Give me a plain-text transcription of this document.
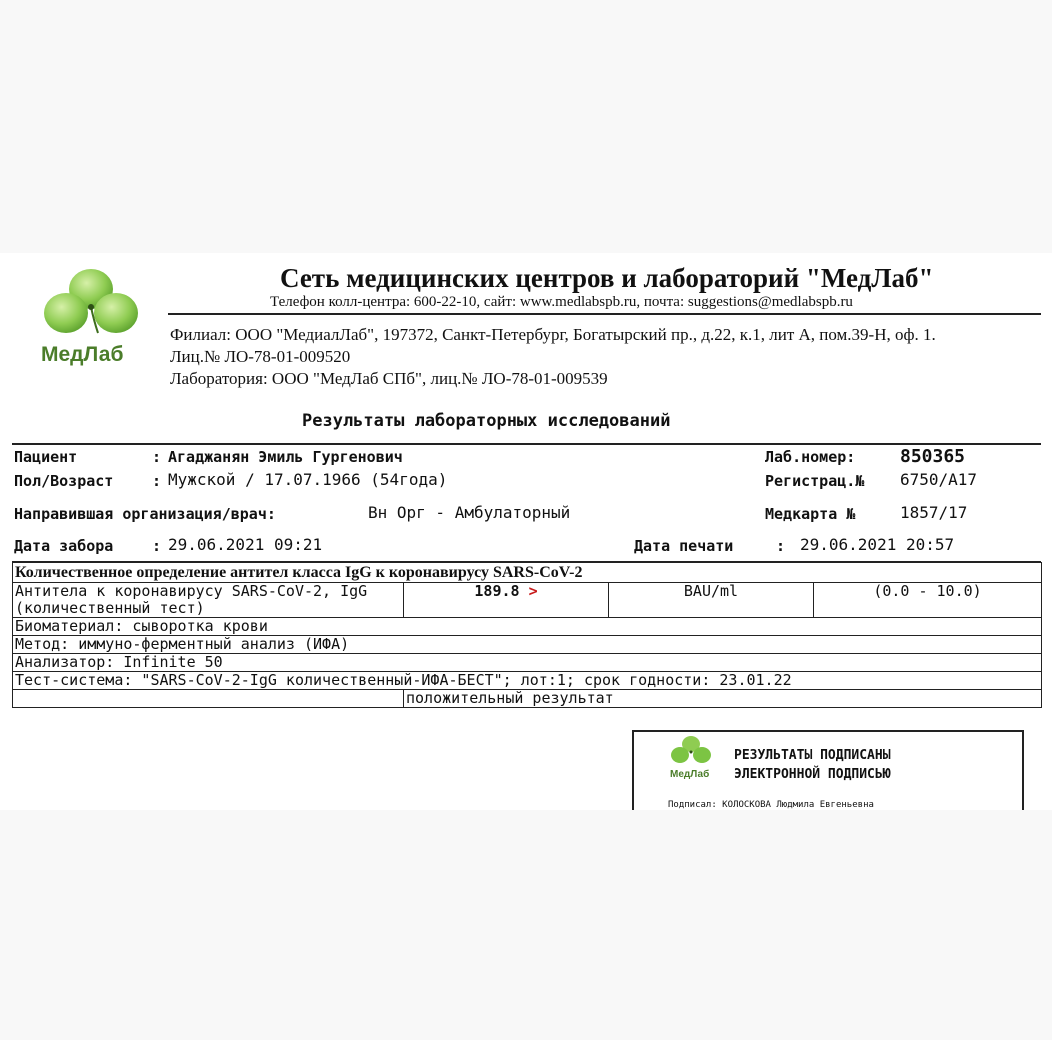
МедЛаб
Сеть медицинских центров и лабораторий "МедЛаб"
Телефон колл-центра: 600-22-10, сайт: www.medlabspb.ru, почта: suggestions@medlabspb.ru
Филиал: ООО "МедиалЛаб", 197372, Санкт-Петербург, Богатырский пр., д.22, к.1, лит А, пом.39-Н, оф. 1.
Лиц.№ ЛО-78-01-009520
Лаборатория: ООО "МедЛаб СПб", лиц.№ ЛО-78-01-009539
Результаты лабораторных исследований
Пациент	: Агаджанян Эмиль Гургенович
Пол/Возраст	: Мужской / 17.07.1966 (54года)
Направившая организация/врач:	Вн Орг - Амбулаторный
Дата забора	: 29.06.2021 09:21
Лаб.номер: 850365
Регистрац.№ 6750/А17
Медкарта №	1857/17
Дата печати	: 29.06.2021 20:57
Количественное определение антител класса IgG к коронавирусу SARS-CoV-2			
Антитела к коронавирусу SARS-CoV-2, IgG (количественный тест)	189.8 >	BAU/ml	(0.0 - 10.0)
Биоматериал: сыворотка крови			
Метод: иммуно-ферментный анализ (ИФА)			
Анализатор: Infinite 50			
Тест-система: "SARS-CoV-2-IgG количественный-ИФА-БЕСТ"; лот:1; срок годности: 23.01.22			
	положительный результат		
МедЛаб
РЕЗУЛЬТАТЫ ПОДПИСАНЫ
ЭЛЕКТРОННОЙ ПОДПИСЬЮ
Подписал: КОЛОСКОВА Людмила Евгеньевна
